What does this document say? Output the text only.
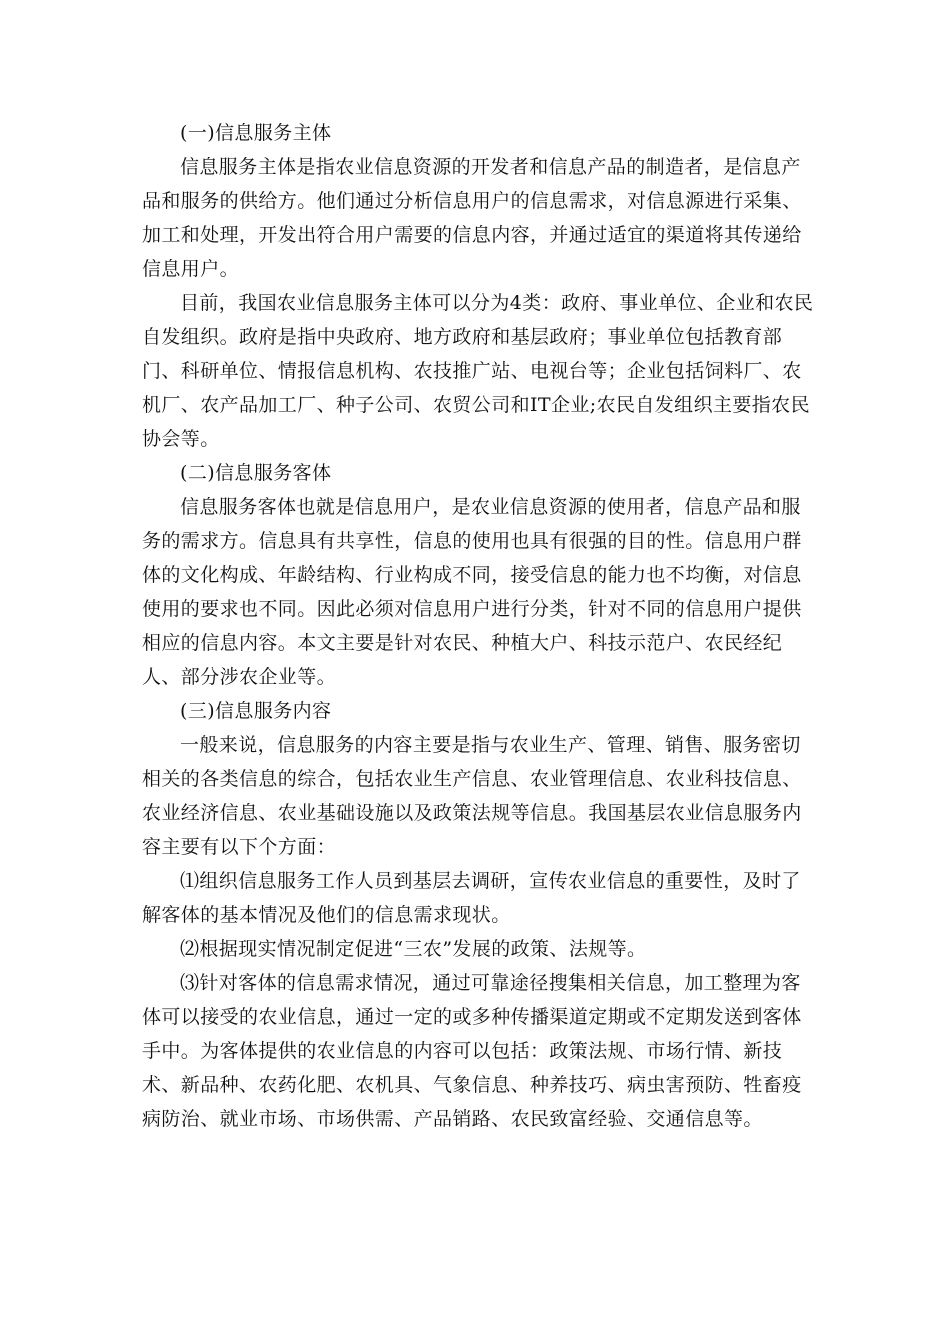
(一)信息服务主体

信息服务主体是指农业信息资源的开发者和信息产品的制造者，是信息产品和服务的供给方。他们通过分析信息用户的信息需求，对信息源进行采集、加工和处理，开发出符合用户需要的信息内容，并通过适宜的渠道将其传递给信息用户。

目前，我国农业信息服务主体可以分为4类：政府、事业单位、企业和农民自发组织。政府是指中央政府、地方政府和基层政府；事业单位包括教育部门、科研单位、情报信息机构、农技推广站、电视台等；企业包括饲料厂、农机厂、农产品加工厂、种子公司、农贸公司和IT企业;农民自发组织主要指农民协会等。

(二)信息服务客体

信息服务客体也就是信息用户，是农业信息资源的使用者，信息产品和服务的需求方。信息具有共享性，信息的使用也具有很强的目的性。信息用户群体的文化构成、年龄结构、行业构成不同，接受信息的能力也不均衡，对信息使用的要求也不同。因此必须对信息用户进行分类，针对不同的信息用户提供相应的信息内容。本文主要是针对农民、种植大户、科技示范户、农民经纪人、部分涉农企业等。

(三)信息服务内容

一般来说，信息服务的内容主要是指与农业生产、管理、销售、服务密切相关的各类信息的综合，包括农业生产信息、农业管理信息、农业科技信息、农业经济信息、农业基础设施以及政策法规等信息。我国基层农业信息服务内容主要有以下个方面：

⑴组织信息服务工作人员到基层去调研，宣传农业信息的重要性，及时了解客体的基本情况及他们的信息需求现状。

⑵根据现实情况制定促进“三农”发展的政策、法规等。

⑶针对客体的信息需求情况，通过可靠途径搜集相关信息，加工整理为客体可以接受的农业信息，通过一定的或多种传播渠道定期或不定期发送到客体手中。为客体提供的农业信息的内容可以包括：政策法规、市场行情、新技术、新品种、农药化肥、农机具、气象信息、种养技巧、病虫害预防、牲畜疫病防治、就业市场、市场供需、产品销路、农民致富经验、交通信息等。
